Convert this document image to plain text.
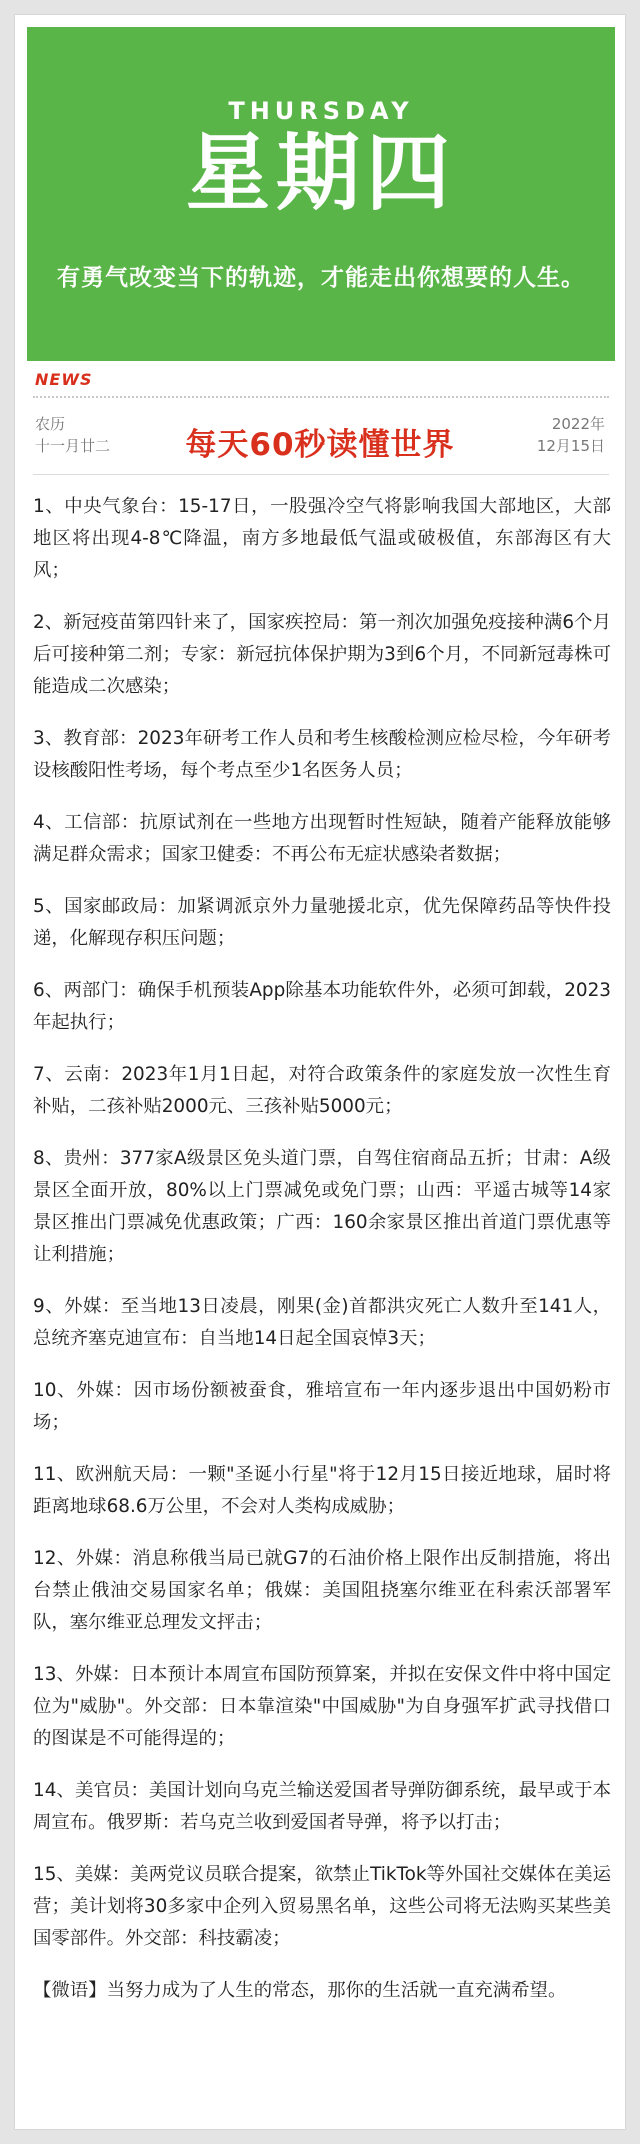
THURSDAY
星期四
有勇气改变当下的轨迹，才能走出你想要的人生。
NEWS
农历
十一月廿二	每天60秒读懂世界
2022年
12月15日

1、中央气象台：15-17日，一股强冷空气将影响我国大部地区，大部地区将出现4-8℃降温，南方多地最低气温或破极值，东部海区有大风；

2、新冠疫苗第四针来了，国家疾控局：第一剂次加强免疫接种满6个月后可接种第二剂；专家：新冠抗体保护期为3到6个月，不同新冠毒株可能造成二次感染；

3、教育部：2023年研考工作人员和考生核酸检测应检尽检，今年研考设核酸阳性考场，每个考点至少1名医务人员；

4、工信部：抗原试剂在一些地方出现暂时性短缺，随着产能释放能够满足群众需求；国家卫健委：不再公布无症状感染者数据；

5、国家邮政局：加紧调派京外力量驰援北京，优先保障药品等快件投递，化解现存积压问题；

6、两部门：确保手机预装App除基本功能软件外，必须可卸载，2023年起执行；

7、云南：2023年1月1日起，对符合政策条件的家庭发放一次性生育补贴，二孩补贴2000元、三孩补贴5000元；

8、贵州：377家A级景区免头道门票，自驾住宿商品五折；甘肃：A级景区全面开放，80%以上门票减免或免门票；山西：平遥古城等14家景区推出门票减免优惠政策；广西：160余家景区推出首道门票优惠等让利措施；

9、外媒：至当地13日凌晨，刚果(金)首都洪灾死亡人数升至141人，总统齐塞克迪宣布：自当地14日起全国哀悼3天；

10、外媒：因市场份额被蚕食，雅培宣布一年内逐步退出中国奶粉市场；

11、欧洲航天局：一颗"圣诞小行星"将于12月15日接近地球，届时将距离地球68.6万公里，不会对人类构成威胁；

12、外媒：消息称俄当局已就G7的石油价格上限作出反制措施，将出台禁止俄油交易国家名单；俄媒：美国阻挠塞尔维亚在科索沃部署军队，塞尔维亚总理发文抨击；

13、外媒：日本预计本周宣布国防预算案，并拟在安保文件中将中国定位为"威胁"。外交部：日本靠渲染"中国威胁"为自身强军扩武寻找借口的图谋是不可能得逞的；

14、美官员：美国计划向乌克兰输送爱国者导弹防御系统，最早或于本周宣布。俄罗斯：若乌克兰收到爱国者导弹，将予以打击；

15、美媒：美两党议员联合提案，欲禁止TikTok等外国社交媒体在美运营；美计划将30多家中企列入贸易黑名单，这些公司将无法购买某些美国零部件。外交部：科技霸凌；

【微语】当努力成为了人生的常态，那你的生活就一直充满希望。
